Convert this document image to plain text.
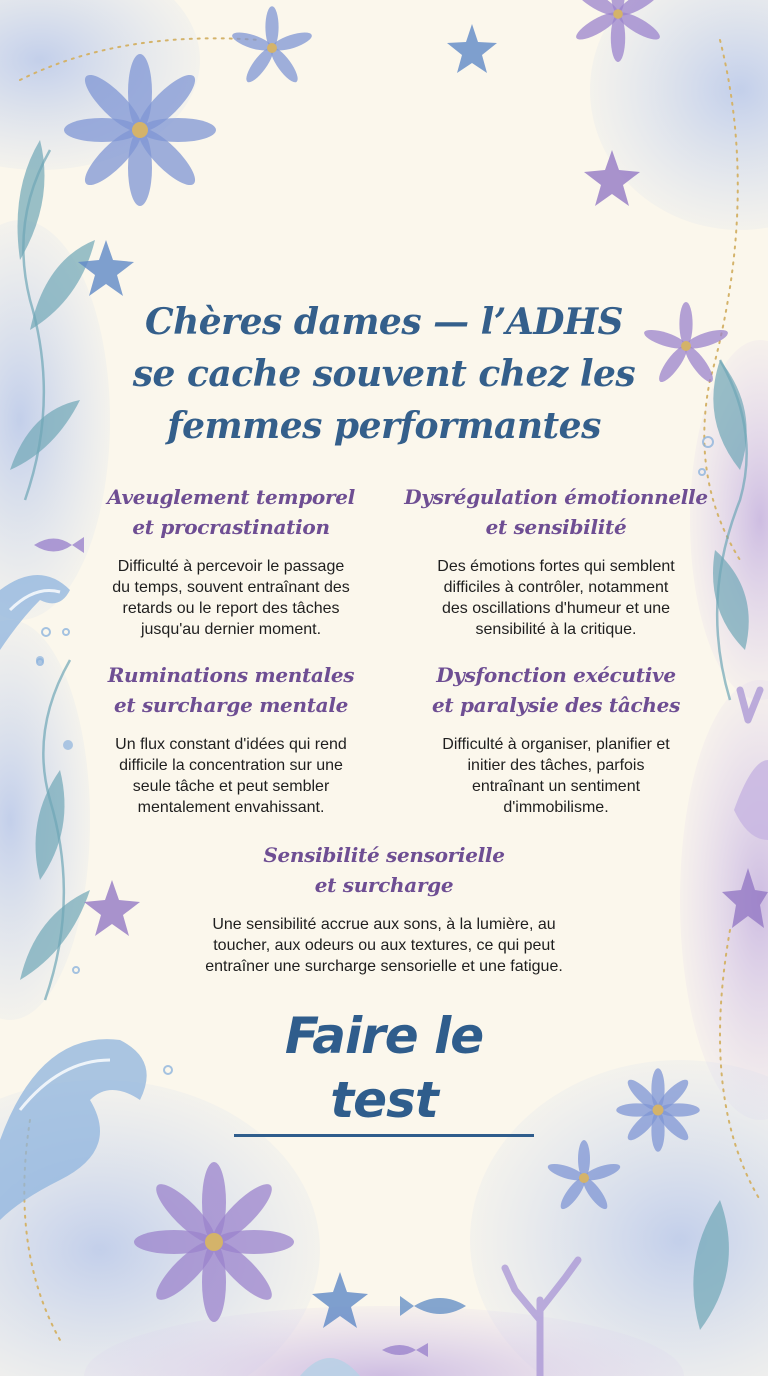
Chères dames — l’ADHS
se cache souvent chez les
femmes performantes
Aveuglement temporel
et procrastination

Difficulté à percevoir le passage
du temps, souvent entraînant des
retards ou le report des tâches
jusqu'au dernier moment.

Dysrégulation émotionnelle
et sensibilité

Des émotions fortes qui semblent
difficiles à contrôler, notamment
des oscillations d'humeur et une
sensibilité à la critique.

Ruminations mentales
et surcharge mentale

Un flux constant d'idées qui rend
difficile la concentration sur une
seule tâche et peut sembler
mentalement envahissant.

Dysfonction exécutive
et paralysie des tâches

Difficulté à organiser, planifier et
initier des tâches, parfois
entraînant un sentiment
d'immobilisme.

Sensibilité sensorielle
et surcharge

Une sensibilité accrue aux sons, à la lumière, au
toucher, aux odeurs ou aux textures, ce qui peut
entraîner une surcharge sensorielle et une fatigue.

Faire le test
